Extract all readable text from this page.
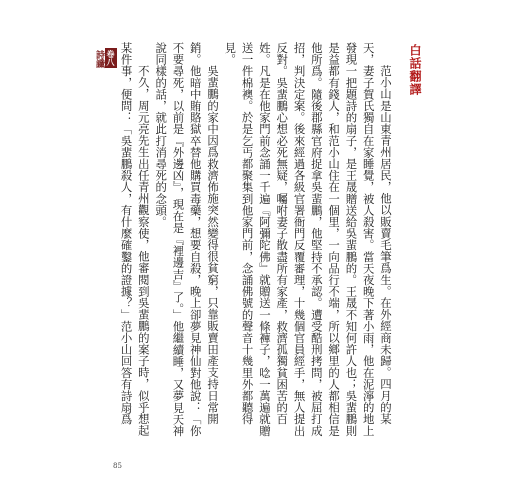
卷八
詩讖	白話翻譯

范小山是山東青州居民，他以販賣毛筆爲生。在外經商未歸。四月的某天，妻子賀氏獨自在家睡覺，被人殺害。當天夜晚下著小雨，他在泥濘的地上發現一把題詩的扇子，是王晟贈送給吳蜚鵬的。王晟不知何許人也；吳蜚鵬則是益都有錢人，和范小山住在一個里，一向品行不端，所以鄉里的人都相信是他所爲。隨後郡縣官府捉拿吳蜚鵬，他堅持不承認。遭受酷刑拷問，被屈打成招，判決定案。後來經過各級官署衙門反覆審理，十幾個官員經手，無人提出反對。吳蜚鵬心想必死無疑，囑咐妻子散盡所有家產，救濟孤獨貧困苦的百姓。凡是在他家門前念誦一千遍『阿彌陀佛』就贈送一條褲子，唸一萬遍就贈送一件棉襖。於是乞丐都聚集到他家門前，念誦佛號的聲音十幾里外都聽得見。

吳蜚鵬的家中因爲救濟佈施突然變得很貧窮，只靠販賣田產支持日常開銷。他暗中賄賂獄卒替他購買毒藥，想要自殺，晚上卻夢見神仙對他說：「你不要尋死，以前是『外邊凶』，現在是『裡邊吉』了。」他繼續睡，又夢見天神說同樣的話，就此打消尋死的念頭。

不久，周元亮先生出任青州觀察使，他審閱到吳蜚鵬的案子時，似乎想起某件事，便問：「吳蜚鵬殺人，有什麼確鑿的證據？」范小山回答有詩扇爲

85
